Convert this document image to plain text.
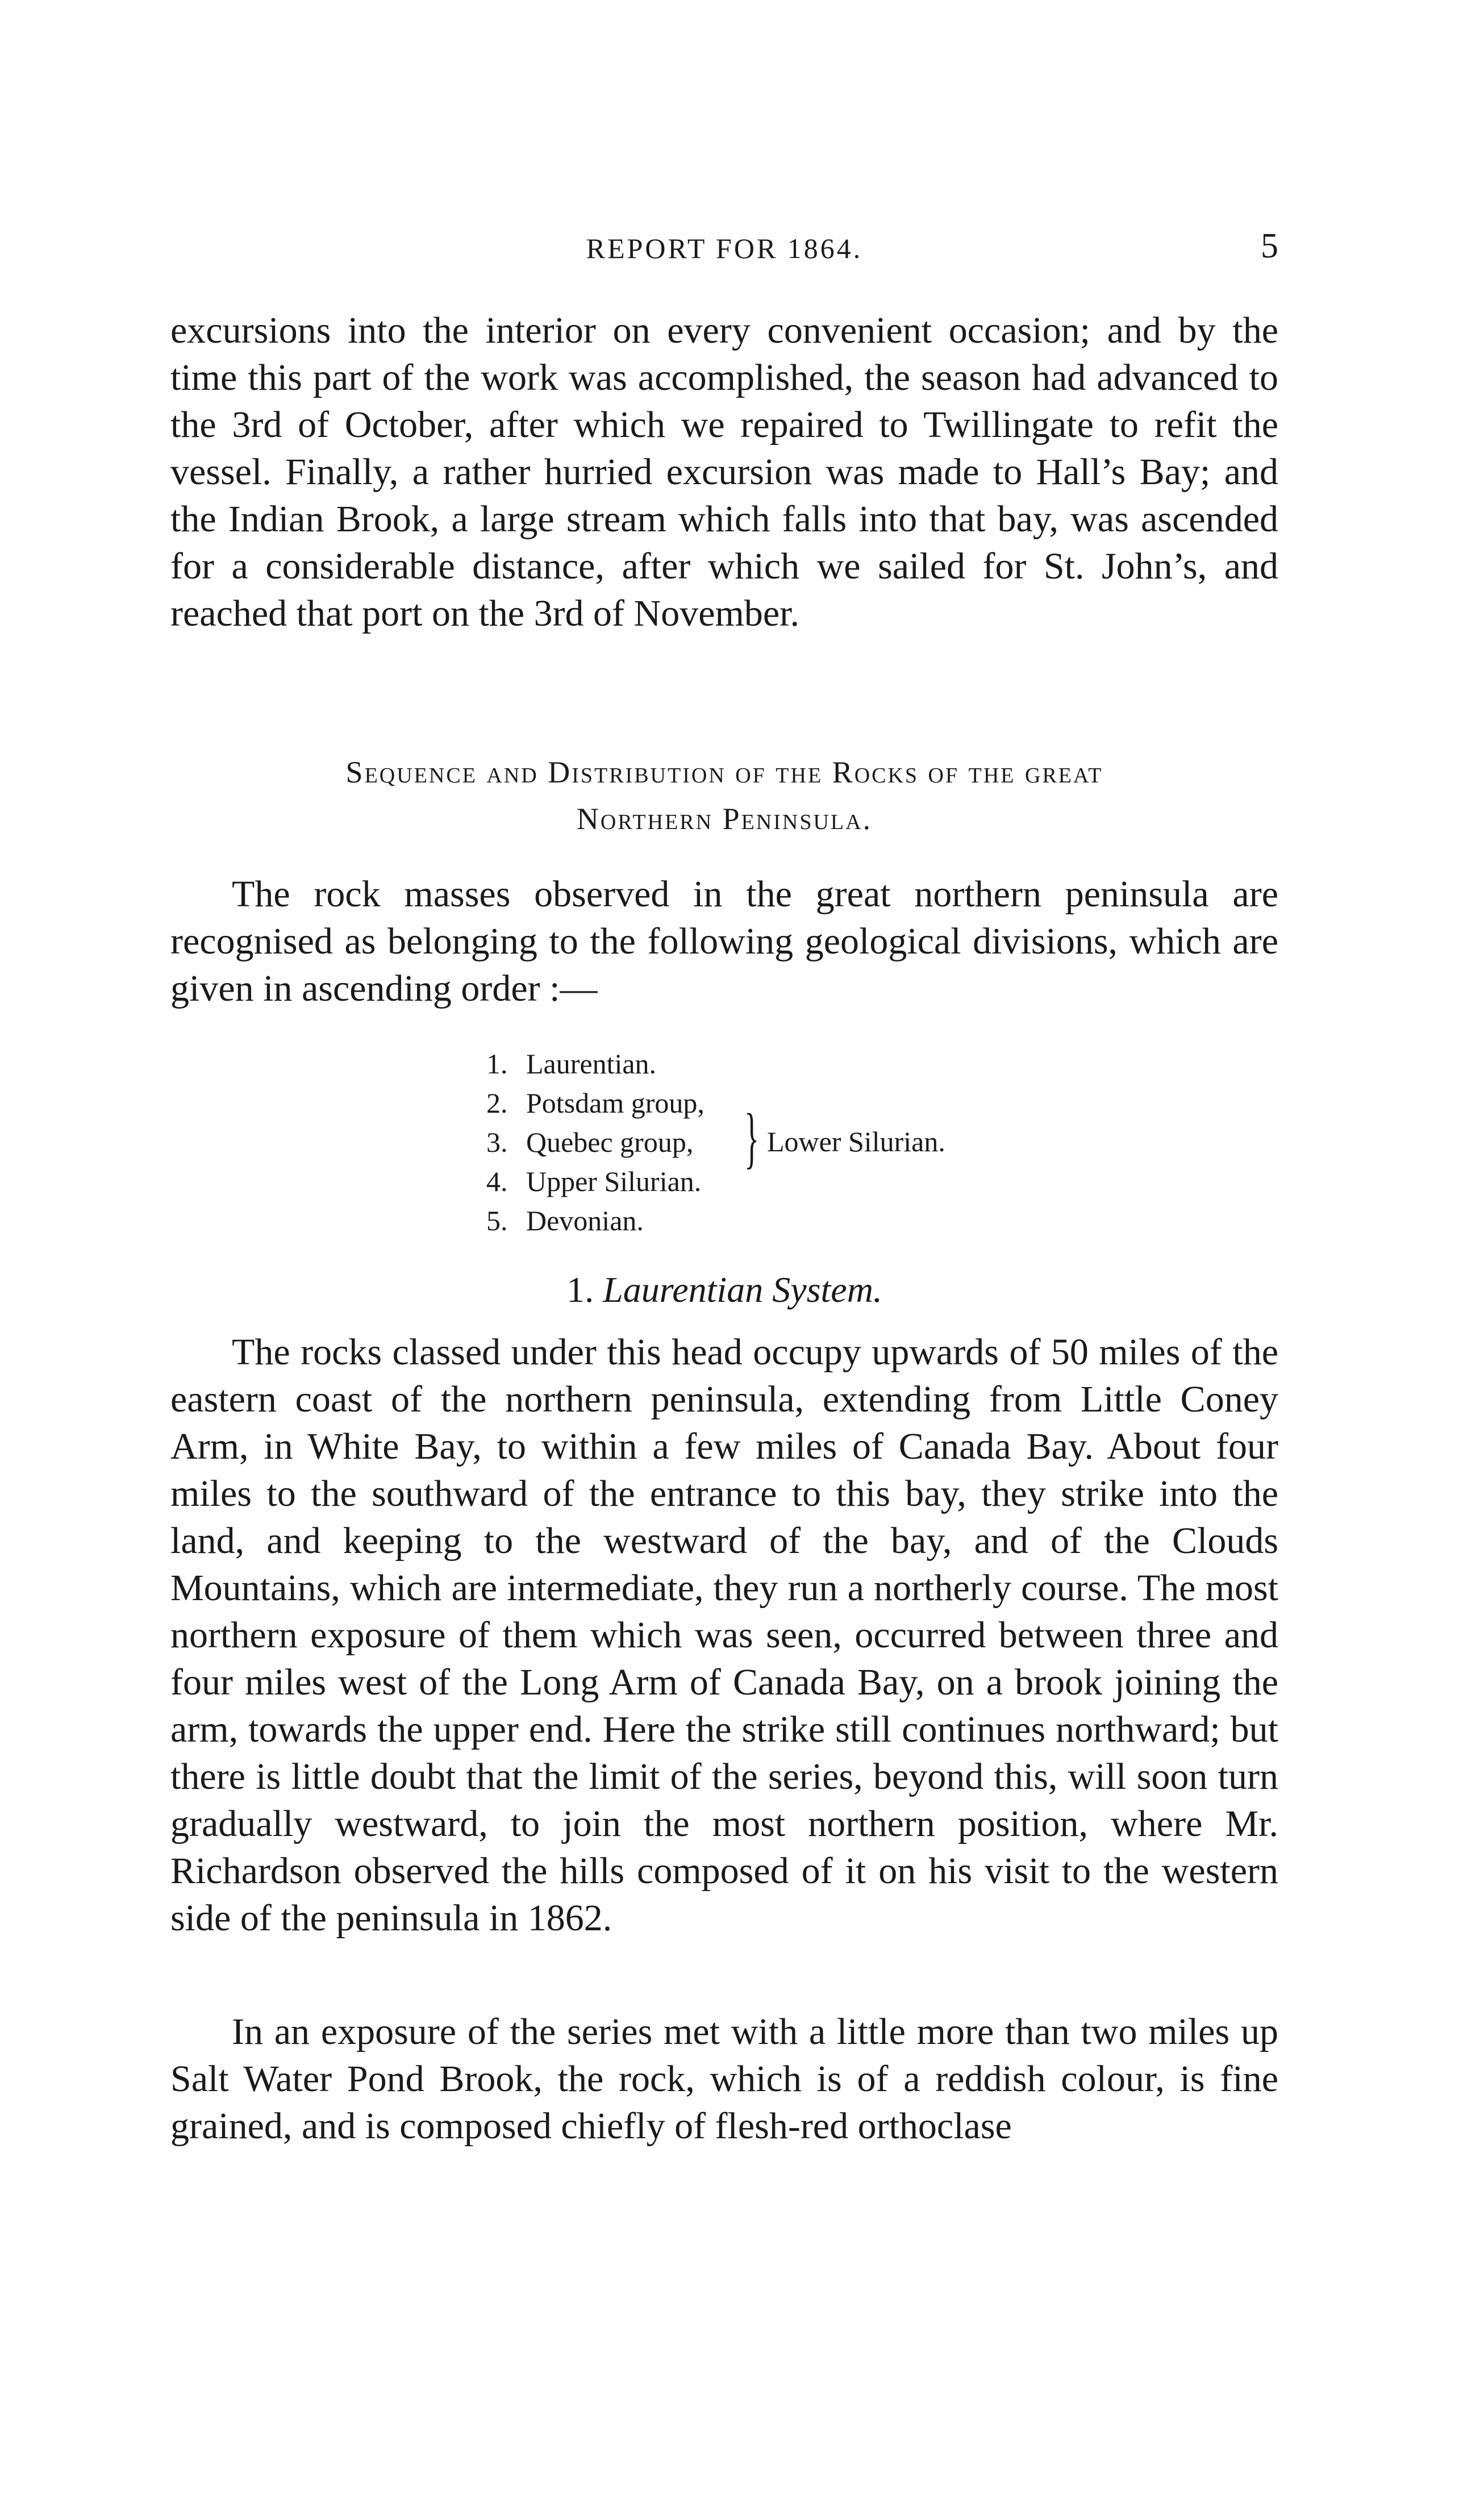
REPORT FOR 1864.	5

excursions into the interior on every convenient occasion; and by the time this part of the work was accomplished, the season had advanced to the 3rd of October, after which we repaired to Twillingate to refit the vessel. Finally, a rather hurried excursion was made to Hall’s Bay; and the Indian Brook, a large stream which falls into that bay, was ascended for a considerable distance, after which we sailed for St. John’s, and reached that port on the 3rd of November.

Sequence and Distribution of the Rocks of the great
Northern Peninsula.

The rock masses observed in the great northern peninsula are recognised as belonging to the following geological divisions, which are given in ascending order :—

1. Laurentian.
2. Potsdam group,
3. Quebec group,
4. Upper Silurian.
5. Devonian.
} Lower Silurian.
1. Laurentian System.

The rocks classed under this head occupy upwards of 50 miles of the eastern coast of the northern peninsula, extending from Little Coney Arm, in White Bay, to within a few miles of Canada Bay. About four miles to the southward of the entrance to this bay, they strike into the land, and keeping to the westward of the bay, and of the Clouds Mountains, which are intermediate, they run a northerly course. The most northern exposure of them which was seen, occurred between three and four miles west of the Long Arm of Canada Bay, on a brook joining the arm, towards the upper end. Here the strike still continues northward; but there is little doubt that the limit of the series, beyond this, will soon turn gradually westward, to join the most northern position, where Mr. Richardson observed the hills composed of it on his visit to the western side of the peninsula in 1862.

In an exposure of the series met with a little more than two miles up Salt Water Pond Brook, the rock, which is of a reddish colour, is fine grained, and is composed chiefly of flesh-red orthoclase
